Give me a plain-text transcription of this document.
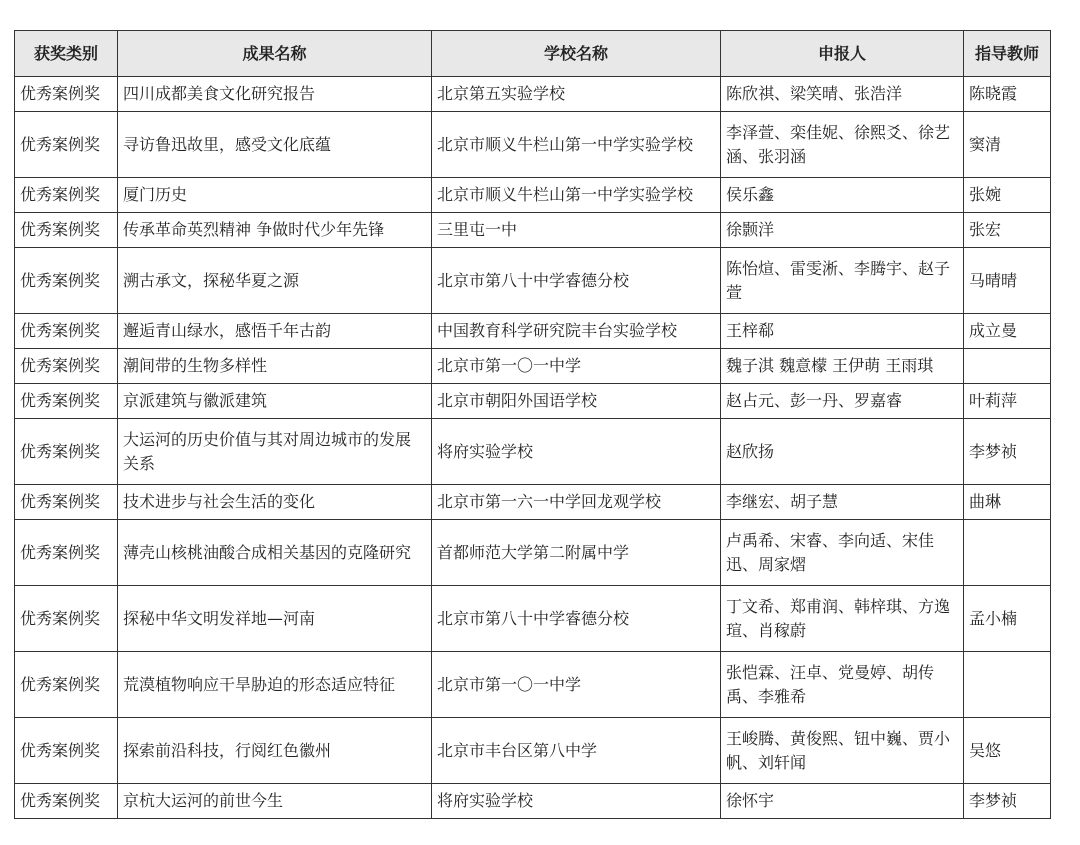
获奖类别	成果名称	学校名称	申报人	指导教师
优秀案例奖	四川成都美食文化研究报告	北京第五实验学校	陈欣祺、梁笑晴、张浩洋	陈晓霞
优秀案例奖	寻访鲁迅故里，感受文化底蕴	北京市顺义牛栏山第一中学实验学校	李泽萱、栾佳妮、徐熙爻、徐艺涵、张羽涵	窦清
优秀案例奖	厦门历史	北京市顺义牛栏山第一中学实验学校	侯乐鑫	张婉
优秀案例奖	传承革命英烈精神 争做时代少年先锋	三里屯一中	徐颢洋	张宏
优秀案例奖	溯古承文，探秘华夏之源	北京市第八十中学睿德分校	陈怡煊、雷雯淅、李腾宇、赵子萱	马晴晴
优秀案例奖	邂逅青山绿水，感悟千年古韵	中国教育科学研究院丰台实验学校	王梓郗	成立曼
优秀案例奖	潮间带的生物多样性	北京市第一〇一中学	魏子淇 魏意檬 王伊萌 王雨琪	
优秀案例奖	京派建筑与徽派建筑	北京市朝阳外国语学校	赵占元、彭一丹、罗嘉睿	叶莉萍
优秀案例奖	大运河的历史价值与其对周边城市的发展关系	将府实验学校	赵欣扬	李梦祯
优秀案例奖	技术进步与社会生活的变化	北京市第一六一中学回龙观学校	李继宏、胡子慧	曲琳
优秀案例奖	薄壳山核桃油酸合成相关基因的克隆研究	首都师范大学第二附属中学	卢禹希、宋睿、李向适、宋佳迅、周家熠	
优秀案例奖	探秘中华文明发祥地—河南	北京市第八十中学睿德分校	丁文希、郑甫润、韩梓琪、方逸瑄、肖稼蔚	孟小楠
优秀案例奖	荒漠植物响应干旱胁迫的形态适应特征	北京市第一〇一中学	张恺霖、汪卓、党曼婷、胡传禹、李雅希	
优秀案例奖	探索前沿科技，行阅红色徽州	北京市丰台区第八中学	王峻腾、黄俊熙、钮中巍、贾小帆、刘轩闻	吴悠
优秀案例奖	京杭大运河的前世今生	将府实验学校	徐怀宇	李梦祯
